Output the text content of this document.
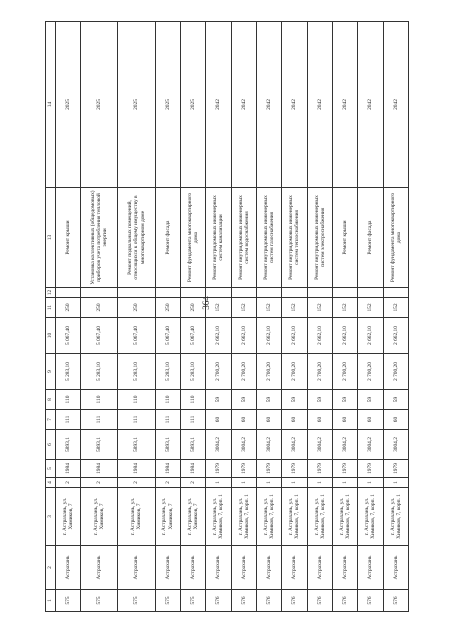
364
1	2	3	4	5	6	7	8	9	10	11	12	13	14
575	Астрахань	г. Астрахань, ул. Химиков, 7	2	1984	5893,1	111	110	5 283,10	5 067,40	250		Ремонт крыши	2025
575	Астрахань	г. Астрахань, ул. Химиков, 7	2	1984	5893,1	111	110	5 283,10	5 067,40	250		Установка коллективных (общедомовых) приборов учета потребления тепловой энергии	2025
575	Астрахань	г. Астрахань, ул. Химиков, 7	2	1984	5893,1	111	110	5 283,10	5 067,40	250		Ремонт подвальных помещений, относящихся к общему имуществу в многоквартирном доме	2025
575	Астрахань	г. Астрахань, ул. Химиков, 7	2	1984	5893,1	111	110	5 283,10	5 067,40	250		Ремонт фасада	2025
575	Астрахань	г. Астрахань, ул. Химиков, 7	2	1984	5893,1	111	110	5 283,10	5 067,40	250		Ремонт фундамента многоквартирного дома	2025
576	Астрахань	г. Астрахань, ул. Химиков, 7, корп. 1	1	1979	3004,2	60	59	2 700,20	2 662,10	152		Ремонт внутридомовых инженерных систем канализации	2042
576	Астрахань	г. Астрахань, ул. Химиков, 7, корп. 1	1	1979	3004,2	60	59	2 700,20	2 662,10	152		Ремонт внутридомовых инженерных систем водоснабжения	2042
576	Астрахань	г. Астрахань, ул. Химиков, 7, корп. 1	1	1979	3004,2	60	59	2 700,20	2 662,10	152		Ремонт внутридомовых инженерных систем газоснабжения	2042
576	Астрахань	г. Астрахань, ул. Химиков, 7, корп. 1	1	1979	3004,2	60	59	2 700,20	2 662,10	152		Ремонт внутридомовых инженерных систем теплоснабжения	2042
576	Астрахань	г. Астрахань, ул. Химиков, 7, корп. 1	1	1979	3004,2	60	59	2 700,20	2 662,10	152		Ремонт внутридомовых инженерных систем электроснабжения	2042
576	Астрахань	г. Астрахань, ул. Химиков, 7, корп. 1	1	1979	3004,2	60	59	2 700,20	2 662,10	152		Ремонт крыши	2042
576	Астрахань	г. Астрахань, ул. Химиков, 7, корп. 1	1	1979	3004,2	60	59	2 700,20	2 662,10	152		Ремонт фасада	2042
576	Астрахань	г. Астрахань, ул. Химиков, 7, корп. 1	1	1979	3004,2	60	59	2 700,20	2 662,10	152		Ремонт фундамента многоквартирного дома	2042
